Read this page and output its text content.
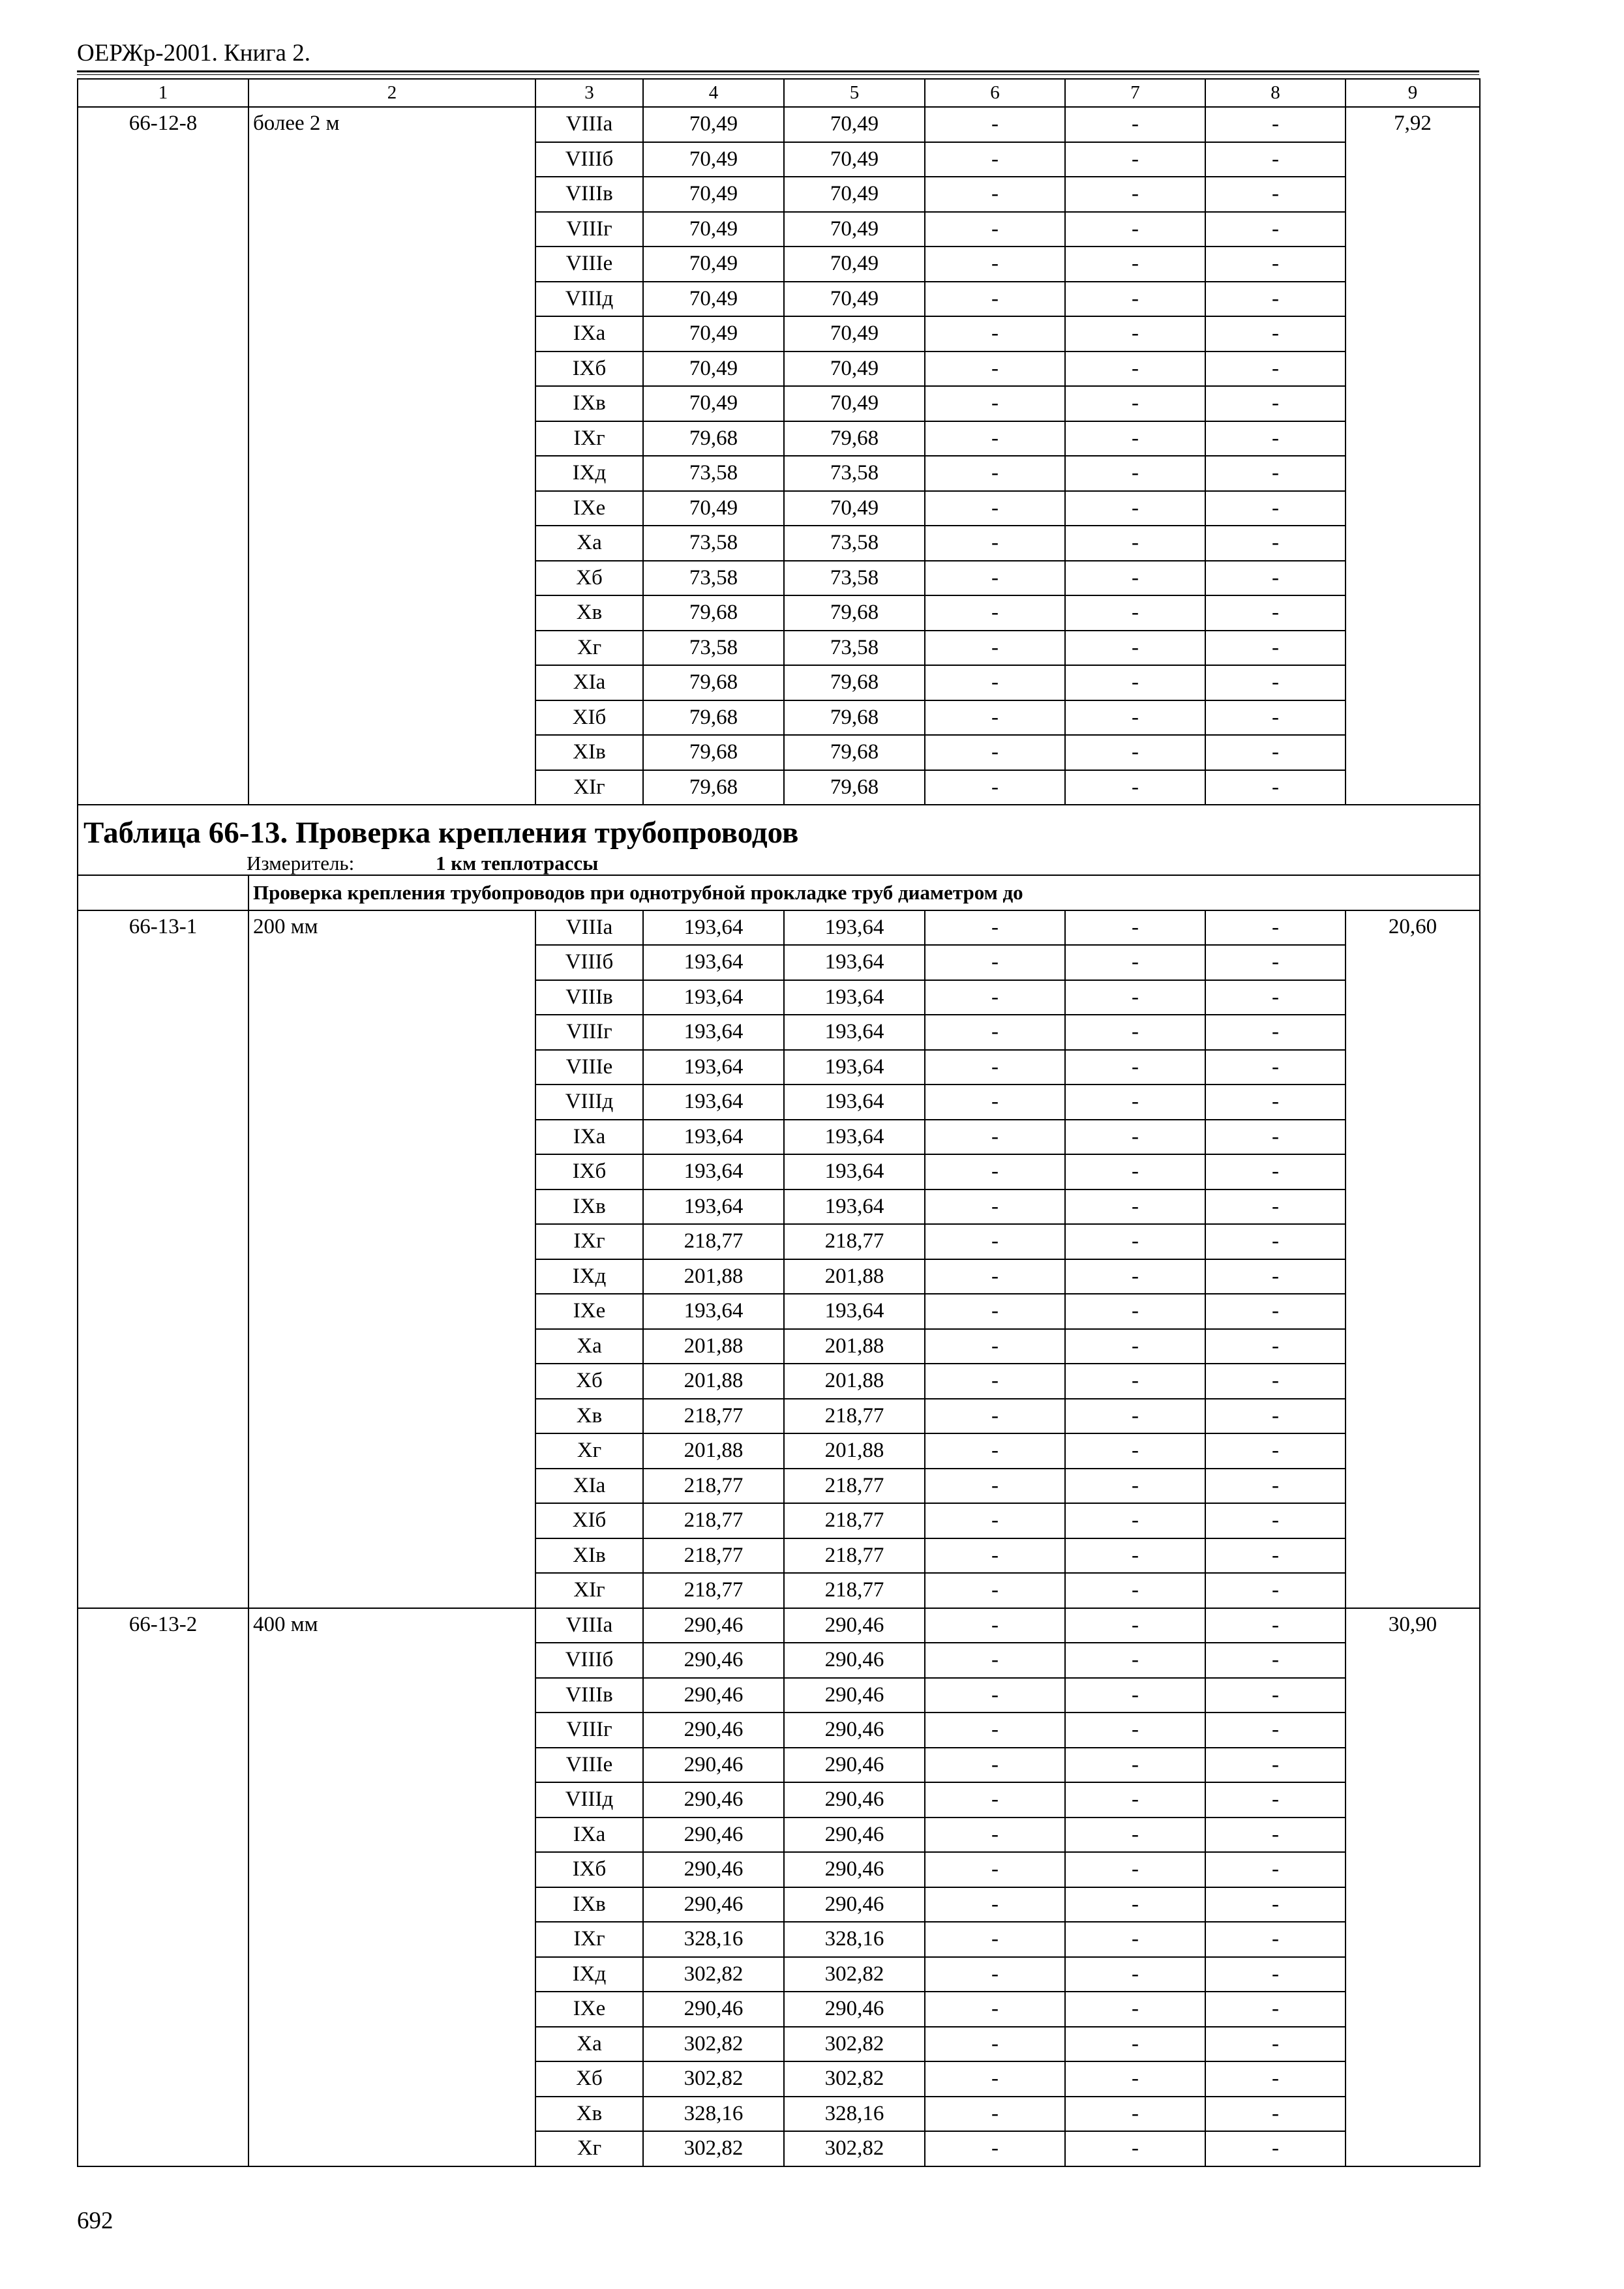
ОЕРЖр-2001. Книга 2.
1	2	3	4	5	6	7	8	9
66-12-8	более 2 м	VIIIа	70,49	70,49	-	-	-	7,92
		VIIIб	70,49	70,49	-	-	-	
		VIIIв	70,49	70,49	-	-	-	
		VIIIг	70,49	70,49	-	-	-	
		VIIIе	70,49	70,49	-	-	-	
		VIIIд	70,49	70,49	-	-	-	
		IXа	70,49	70,49	-	-	-	
		IXб	70,49	70,49	-	-	-	
		IXв	70,49	70,49	-	-	-	
		IXг	79,68	79,68	-	-	-	
		IXд	73,58	73,58	-	-	-	
		IXе	70,49	70,49	-	-	-	
		Xа	73,58	73,58	-	-	-	
		Xб	73,58	73,58	-	-	-	
		Xв	79,68	79,68	-	-	-	
		Xг	73,58	73,58	-	-	-	
		XIа	79,68	79,68	-	-	-	
		XIб	79,68	79,68	-	-	-	
		XIв	79,68	79,68	-	-	-	
		XIг	79,68	79,68	-	-	-	
Таблица 66-13. Проверка крепления трубопроводов								
Измеритель: 1 км теплотрассы								
	Проверка крепления трубопроводов при однотрубной прокладке труб диаметром до							
66-13-1	200 мм	VIIIа	193,64	193,64	-	-	-	20,60
		VIIIб	193,64	193,64	-	-	-	
		VIIIв	193,64	193,64	-	-	-	
		VIIIг	193,64	193,64	-	-	-	
		VIIIе	193,64	193,64	-	-	-	
		VIIIд	193,64	193,64	-	-	-	
		IXа	193,64	193,64	-	-	-	
		IXб	193,64	193,64	-	-	-	
		IXв	193,64	193,64	-	-	-	
		IXг	218,77	218,77	-	-	-	
		IXд	201,88	201,88	-	-	-	
		IXе	193,64	193,64	-	-	-	
		Xа	201,88	201,88	-	-	-	
		Xб	201,88	201,88	-	-	-	
		Xв	218,77	218,77	-	-	-	
		Xг	201,88	201,88	-	-	-	
		XIа	218,77	218,77	-	-	-	
		XIб	218,77	218,77	-	-	-	
		XIв	218,77	218,77	-	-	-	
		XIг	218,77	218,77	-	-	-	
66-13-2	400 мм	VIIIа	290,46	290,46	-	-	-	30,90
		VIIIб	290,46	290,46	-	-	-	
		VIIIв	290,46	290,46	-	-	-	
		VIIIг	290,46	290,46	-	-	-	
		VIIIе	290,46	290,46	-	-	-	
		VIIIд	290,46	290,46	-	-	-	
		IXа	290,46	290,46	-	-	-	
		IXб	290,46	290,46	-	-	-	
		IXв	290,46	290,46	-	-	-	
		IXг	328,16	328,16	-	-	-	
		IXд	302,82	302,82	-	-	-	
		IXе	290,46	290,46	-	-	-	
		Xа	302,82	302,82	-	-	-	
		Xб	302,82	302,82	-	-	-	
		Xв	328,16	328,16	-	-	-	
		Xг	302,82	302,82	-	-	-	
692
